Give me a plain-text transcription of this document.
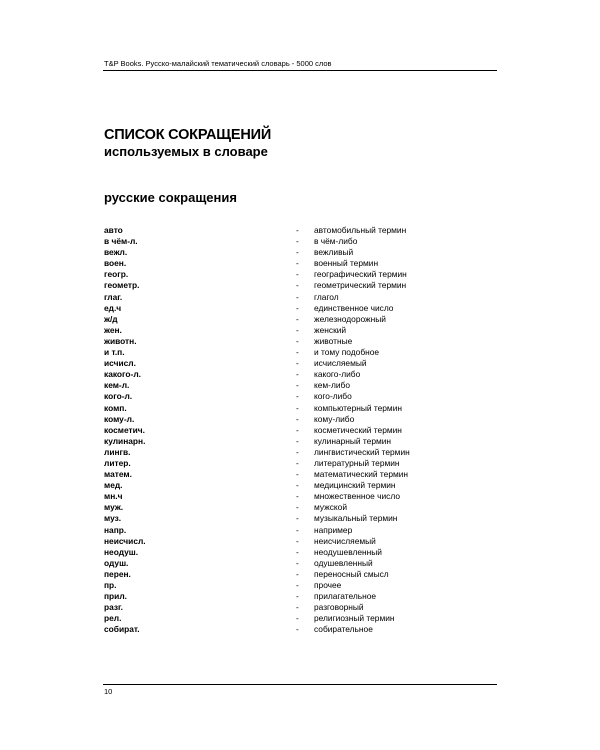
T&P Books. Русско-малайский тематический словарь - 5000 слов
СПИСОК СОКРАЩЕНИЙ
используемых в словаре
русские сокращения
авто	- автомобильный термин
в чём-л.	- в чём-либо
вежл.	- вежливый
воен.	- военный термин
геогр.	- географический термин
геометр.	- геометрический термин
глаг.	- глагол
ед.ч	- единственное число
ж/д	- железнодорожный
жен.	- женский
животн.	- животные
и т.п.	- и тому подобное
исчисл.	- исчисляемый
какого-л.	- какого-либо
кем-л.	- кем-либо
кого-л.	- кого-либо
комп.	- компьютерный термин
кому-л.	- кому-либо
косметич.	- косметический термин
кулинарн.	- кулинарный термин
лингв.	- лингвистический термин
литер.	- литературный термин
матем.	- математический термин
мед.	- медицинский термин
мн.ч	- множественное число
муж.	- мужской
муз.	- музыкальный термин
напр.	- например
неисчисл.	- неисчисляемый
неодуш.	- неодушевленный
одуш.	- одушевленный
перен.	- переносный смысл
пр.	- прочее
прил.	- прилагательное
разг.	- разговорный
рел.	- религиозный термин
собират.	- собирательное
10
